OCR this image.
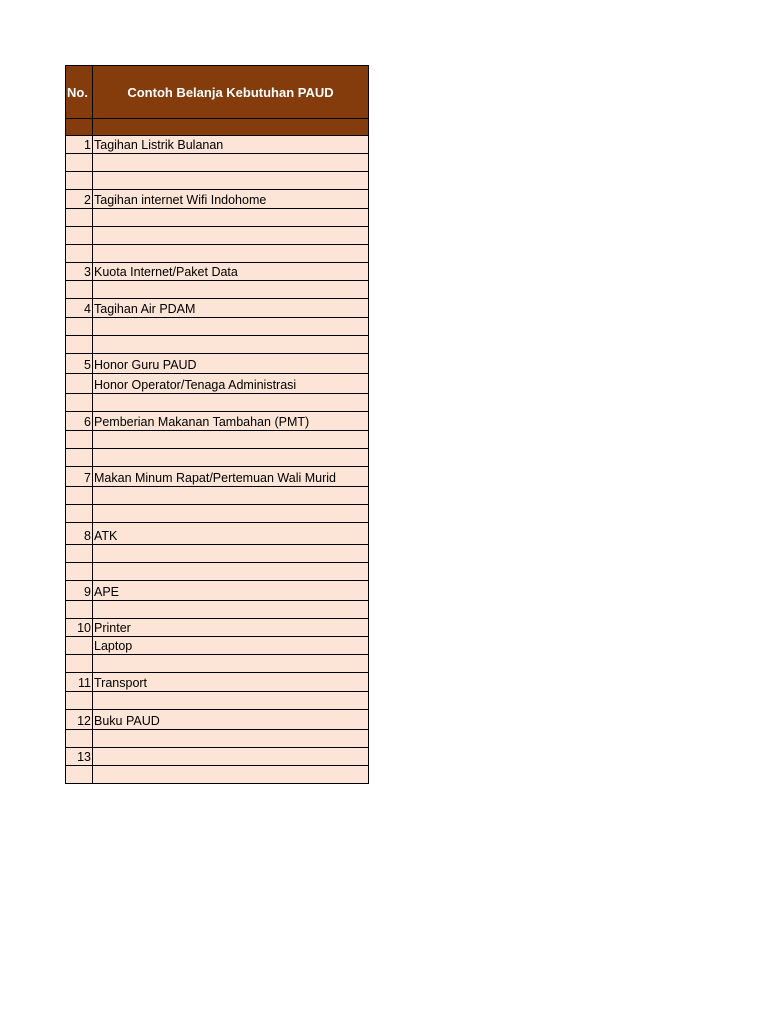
No.	Contoh Belanja Kebutuhan PAUD

1	Tagihan Listrik Bulanan

2	Tagihan internet Wifi Indohome

3	Kuota Internet/Paket Data

4	Tagihan Air PDAM

5	Honor Guru PAUD
	Honor Operator/Tenaga Administrasi

6	Pemberian Makanan Tambahan (PMT)

7	Makan Minum Rapat/Pertemuan Wali Murid

8	ATK

9	APE

10	Printer
	Laptop

11	Transport

12	Buku PAUD

13	
